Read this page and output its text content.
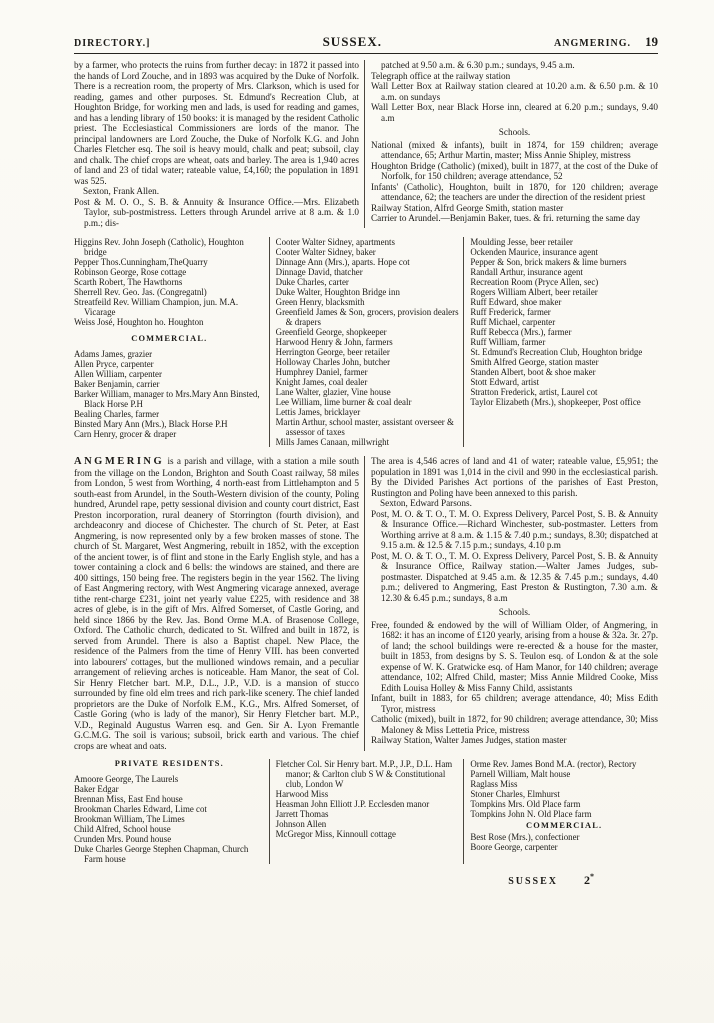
DIRECTORY.]	SUSSEX.	ANGMERING. 19

by a farmer, who protects the ruins from further decay: in 1872 it passed into the hands of Lord Zouche, and in 1893 was acquired by the Duke of Norfolk. There is a recreation room, the property of Mrs. Clarkson, which is used for reading, games and other purposes. St. Edmund's Recreation Club, at Houghton Bridge, for working men and lads, is used for reading and games, and has a lending library of 150 books: it is managed by the resident Catholic priest. The Ecclesiastical Commissioners are lords of the manor. The principal landowners are Lord Zouche, the Duke of Norfolk K.G. and John Charles Fletcher esq. The soil is heavy mould, chalk and peat; subsoil, clay and chalk. The chief crops are wheat, oats and barley. The area is 1,940 acres of land and 23 of tidal water; rateable value, £4,160; the population in 1891 was 525.

Sexton, Frank Allen.

Post & M. O. O., S. B. & Annuity & Insurance Office.—Mrs. Elizabeth Taylor, sub-postmistress. Letters through Arundel arrive at 8 a.m. & 1.0 p.m.; dis-

patched at 9.50 a.m. & 6.30 p.m.; sundays, 9.45 a.m.

Telegraph office at the railway station

Wall Letter Box at Railway station cleared at 10.20 a.m. & 6.50 p.m. & 10 a.m. on sundays

Wall Letter Box, near Black Horse inn, cleared at 6.20 p.m.; sundays, 9.40 a.m

Schools.
National (mixed & infants), built in 1874, for 159 children; average attendance, 65; Arthur Martin, master; Miss Annie Shipley, mistress
Houghton Bridge (Catholic) (mixed), built in 1877, at the cost of the Duke of Norfolk, for 150 children; average attendance, 52
Infants' (Catholic), Houghton, built in 1870, for 120 children; average attendance, 62; the teachers are under the direction of the resident priest

Railway Station, Alfrd George Smith, station master

Carrier to Arundel.—Benjamin Baker, tues. & fri. returning the same day

Higgins Rev. John Joseph (Catholic), Houghton bridge
Pepper Thos.Cunningham,TheQuarry
Robinson George, Rose cottage
Scarth Robert, The Hawthorns
Sherrell Rev. Geo. Jas. (Congregatnl)
Streatfeild Rev. William Champion, jun. M.A. Vicarage
Weiss José, Houghton ho. Houghton
COMMERCIAL.
Adams James, grazier
Allen Pryce, carpenter
Allen William, carpenter
Baker Benjamin, carrier
Barker William, manager to Mrs.Mary Ann Binsted, Black Horse P.H
Bealing Charles, farmer
Binsted Mary Ann (Mrs.), Black Horse P.H
Carn Henry, grocer & draper
Cooter Walter Sidney, apartments
Cooter Walter Sidney, baker
Dinnage Ann (Mrs.), aparts. Hope cot
Dinnage David, thatcher
Duke Charles, carter
Duke Walter, Houghton Bridge inn
Green Henry, blacksmith
Greenfield James & Son, grocers, provision dealers & drapers
Greenfield George, shopkeeper
Harwood Henry & John, farmers
Herrington George, beer retailer
Holloway Charles John, butcher
Humphrey Daniel, farmer
Knight James, coal dealer
Lane Walter, glazier, Vine house
Lee William, lime burner & coal dealr
Lettis James, bricklayer
Martin Arthur, school master, assistant overseer & assessor of taxes
Mills James Canaan, millwright
Moulding Jesse, beer retailer
Ockenden Maurice, insurance agent
Pepper & Son, brick makers & lime burners
Randall Arthur, insurance agent
Recreation Room (Pryce Allen, sec)
Rogers William Albert, beer retailer
Ruff Edward, shoe maker
Ruff Frederick, farmer
Ruff Michael, carpenter
Ruff Rebecca (Mrs.), farmer
Ruff William, farmer
St. Edmund's Recreation Club, Houghton bridge
Smith Alfred George, station master
Standen Albert, boot & shoe maker
Stott Edward, artist
Stratton Frederick, artist, Laurel cot
Taylor Elizabeth (Mrs.), shopkeeper, Post office

ANGMERING is a parish and village, with a station a mile south from the village on the London, Brighton and South Coast railway, 58 miles from London, 5 west from Worthing, 4 north-east from Littlehampton and 5 south-east from Arundel, in the South-Western division of the county, Poling hundred, Arundel rape, petty sessional division and county court district, East Preston incorporation, rural deanery of Storrington (fourth division), and archdeaconry and diocese of Chichester. The church of St. Peter, at East Angmering, is now represented only by a few broken masses of stone. The church of St. Margaret, West Angmering, rebuilt in 1852, with the exception of the ancient tower, is of flint and stone in the Early English style, and has a tower containing a clock and 6 bells: the windows are stained, and there are 400 sittings, 150 being free. The registers begin in the year 1562. The living of East Angmering rectory, with West Angmering vicarage annexed, average tithe rent-charge £231, joint net yearly value £225, with residence and 38 acres of glebe, is in the gift of Mrs. Alfred Somerset, of Castle Goring, and held since 1866 by the Rev. Jas. Bond Orme M.A. of Brasenose College, Oxford. The Catholic church, dedicated to St. Wilfred and built in 1872, is served from Arundel. There is also a Baptist chapel. New Place, the residence of the Palmers from the time of Henry VIII. has been converted into labourers' cottages, but the mullioned windows remain, and a peculiar arrangement of relieving arches is noticeable. Ham Manor, the seat of Col. Sir Henry Fletcher bart. M.P., D.L., J.P., V.D. is a mansion of stucco surrounded by fine old elm trees and rich park-like scenery. The chief landed proprietors are the Duke of Norfolk E.M., K.G., Mrs. Alfred Somerset, of Castle Goring (who is lady of the manor), Sir Henry Fletcher bart. M.P., V.D., Reginald Augustus Warren esq. and Gen. Sir A. Lyon Fremantle G.C.M.G. The soil is various; subsoil, brick earth and various. The chief crops are wheat and oats.

The area is 4,546 acres of land and 41 of water; rateable value, £5,951; the population in 1891 was 1,014 in the civil and 990 in the ecclesiastical parish. By the Divided Parishes Act portions of the parishes of East Preston, Rustington and Poling have been annexed to this parish.

Sexton, Edward Parsons.

Post, M. O. & T. O., T. M. O. Express Delivery, Parcel Post, S. B. & Annuity & Insurance Office.—Richard Winchester, sub-postmaster. Letters from Worthing arrive at 8 a.m. & 1.15 & 7.40 p.m.; sundays, 8.30; dispatched at 9.15 a.m. & 12.5 & 7.15 p.m.; sundays, 4.10 p.m

Post, M. O. & T. O., T. M. O. Express Delivery, Parcel Post, S. B. & Annuity & Insurance Office, Railway station.—Walter James Judges, sub-postmaster. Dispatched at 9.45 a.m. & 12.35 & 7.45 p.m.; sundays, 4.40 p.m.; delivered to Angmering, East Preston & Rustington, 7.30 a.m. & 12.30 & 6.45 p.m.; sundays, 8 a.m

Schools.
Free, founded & endowed by the will of William Older, of Angmering, in 1682: it has an income of £120 yearly, arising from a house & 32a. 3r. 27p. of land; the school buildings were re-erected & a house for the master, built in 1853, from designs by S. S. Teulon esq. of London & at the sole expense of W. K. Gratwicke esq. of Ham Manor, for 140 children; average attendance, 102; Alfred Child, master; Miss Annie Mildred Cooke, Miss Edith Louisa Holley & Miss Fanny Child, assistants
Infant, built in 1883, for 65 children; average attendance, 40; Miss Edith Tyror, mistress
Catholic (mixed), built in 1872, for 90 children; average attendance, 30; Miss Maloney & Miss Lettetia Price, mistress

Railway Station, Walter James Judges, station master

PRIVATE RESIDENTS.
Amoore George, The Laurels
Baker Edgar
Brennan Miss, East End house
Brookman Charles Edward, Lime cot
Brookman William, The Limes
Child Alfred, School house
Crunden Mrs. Pound house
Duke Charles George Stephen Chapman, Church Farm house
Fletcher Col. Sir Henry bart. M.P., J.P., D.L. Ham manor; & Carlton club S W & Constitutional club, London W
Harwood Miss
Heasman John Elliott J.P. Ecclesden manor
Jarrett Thomas
Johnson Allen
McGregor Miss, Kinnoull cottage
Orme Rev. James Bond M.A. (rector), Rectory
Parnell William, Malt house
Raglass Miss
Stoner Charles, Elmhurst
Tompkins Mrs. Old Place farm
Tompkins John N. Old Place farm
COMMERCIAL.
Best Rose (Mrs.), confectioner
Boore George, carpenter
SUSSEX 2*
